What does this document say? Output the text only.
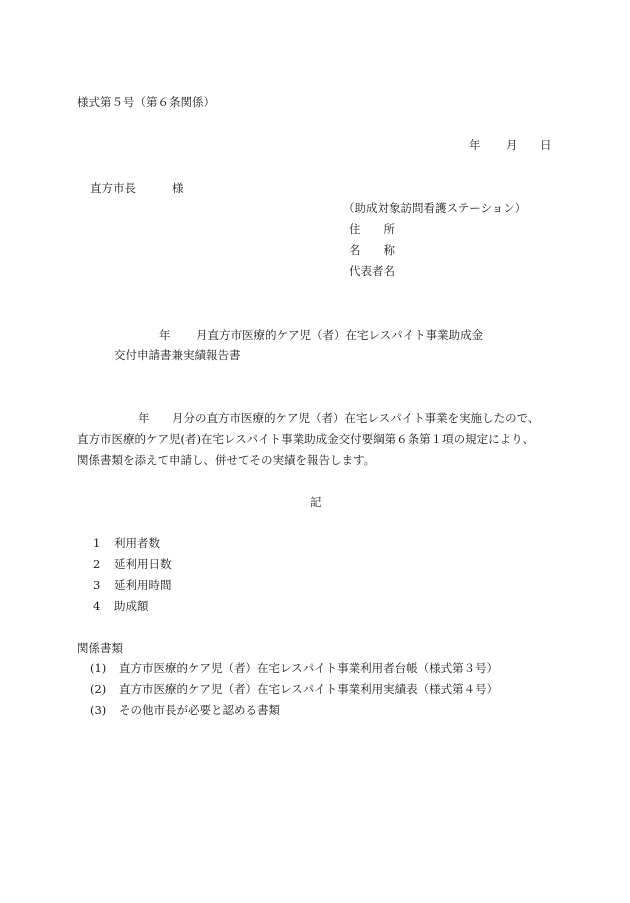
様式第５号（第６条関係）
年 月 日
直方市長	様
（助成対象訪問看護ステーション）
住　　所
名　　称
代表者名
年 月直方市医療的ケア児（者）在宅レスパイト事業助成金
交付申請書兼実績報告書
年 月分の直方市医療的ケア児（者）在宅レスパイト事業を実施したので、
直方市医療的ケア児(者)在宅レスパイト事業助成金交付要綱第６条第１項の規定により、
関係書類を添えて申請し、併せてその実績を報告します。
記
1 利用者数
2 延利用日数
3 延利用時間
4 助成額
関係書類
(1) 直方市医療的ケア児（者）在宅レスパイト事業利用者台帳（様式第３号）
(2) 直方市医療的ケア児（者）在宅レスパイト事業利用実績表（様式第４号）
(3) その他市長が必要と認める書類
